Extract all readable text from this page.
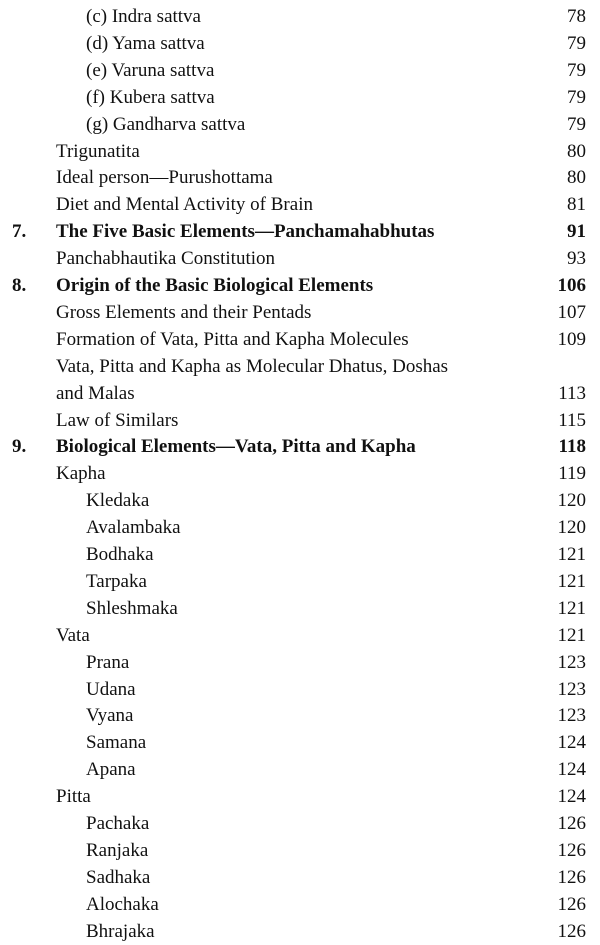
(c) Indra sattva	78
(d) Yama sattva	79
(e) Varuna sattva	79
(f) Kubera sattva	79
(g) Gandharva sattva	79
Trigunatita	80
Ideal person—Purushottama	80
Diet and Mental Activity of Brain	81
7. The Five Basic Elements—Panchamahabhutas	91
Panchabhautika Constitution	93
8. Origin of the Basic Biological Elements	106
Gross Elements and their Pentads	107
Formation of Vata, Pitta and Kapha Molecules	109
Vata, Pitta and Kapha as Molecular Dhatus, Doshas
and Malas	113
Law of Similars	115
9. Biological Elements—Vata, Pitta and Kapha	118
Kapha	119
Kledaka	120
Avalambaka	120
Bodhaka	121
Tarpaka	121
Shleshmaka	121
Vata	121
Prana	123
Udana	123
Vyana	123
Samana	124
Apana	124
Pitta	124
Pachaka	126
Ranjaka	126
Sadhaka	126
Alochaka	126
Bhrajaka	126
